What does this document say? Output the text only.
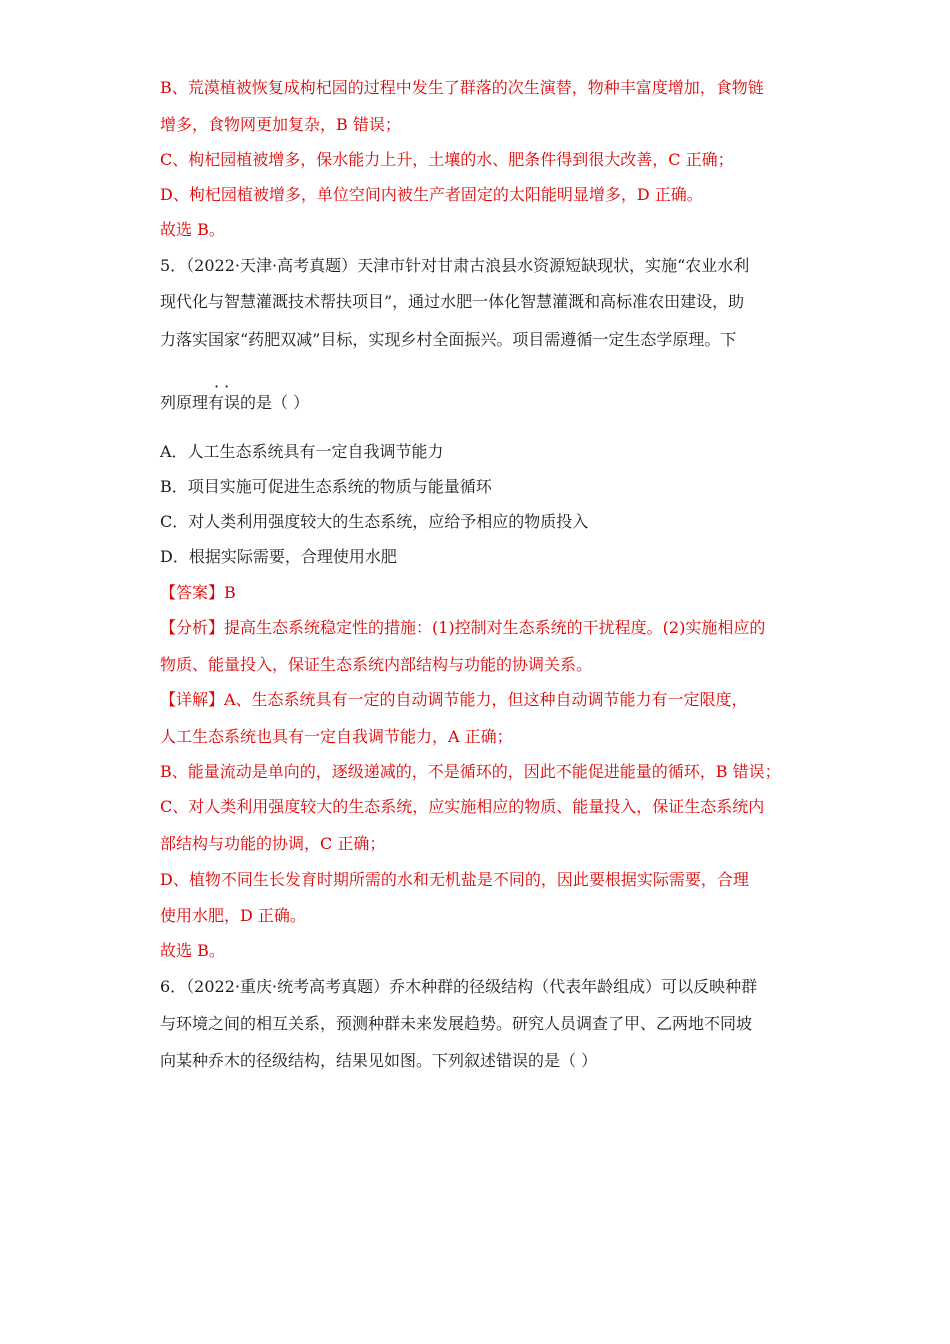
B、荒漠植被恢复成枸杞园的过程中发生了群落的次生演替，物种丰富度增加，食物链
增多，食物网更加复杂，B 错误；
C、枸杞园植被增多，保水能力上升，土壤的水、肥条件得到很大改善，C 正确；
D、枸杞园植被增多，单位空间内被生产者固定的太阳能明显增多，D 正确。
故选 B。
5．（2022·天津·高考真题）天津市针对甘肃古浪县水资源短缺现状，实施“农业水利
现代化与智慧灌溉技术帮扶项目”，通过水肥一体化智慧灌溉和高标准农田建设，助
力落实国家“药肥双减”目标，实现乡村全面振兴。项目需遵循一定生态学原理。下
· ·
列原理有误的是（ ）
A．人工生态系统具有一定自我调节能力
B．项目实施可促进生态系统的物质与能量循环
C．对人类利用强度较大的生态系统，应给予相应的物质投入
D．根据实际需要，合理使用水肥
【答案】B
【分析】提高生态系统稳定性的措施：(1)控制对生态系统的干扰程度。(2)实施相应的
物质、能量投入，保证生态系统内部结构与功能的协调关系。
【详解】A、生态系统具有一定的自动调节能力，但这种自动调节能力有一定限度，
人工生态系统也具有一定自我调节能力，A 正确；
B、能量流动是单向的，逐级递减的，不是循环的，因此不能促进能量的循环，B 错误；
C、对人类利用强度较大的生态系统，应实施相应的物质、能量投入，保证生态系统内
部结构与功能的协调，C 正确；
D、植物不同生长发育时期所需的水和无机盐是不同的，因此要根据实际需要，合理
使用水肥，D 正确。
故选 B。
6．（2022·重庆·统考高考真题）乔木种群的径级结构（代表年龄组成）可以反映种群
与环境之间的相互关系，预测种群未来发展趋势。研究人员调查了甲、乙两地不同坡
向某种乔木的径级结构，结果见如图。下列叙述错误的是（ ）
